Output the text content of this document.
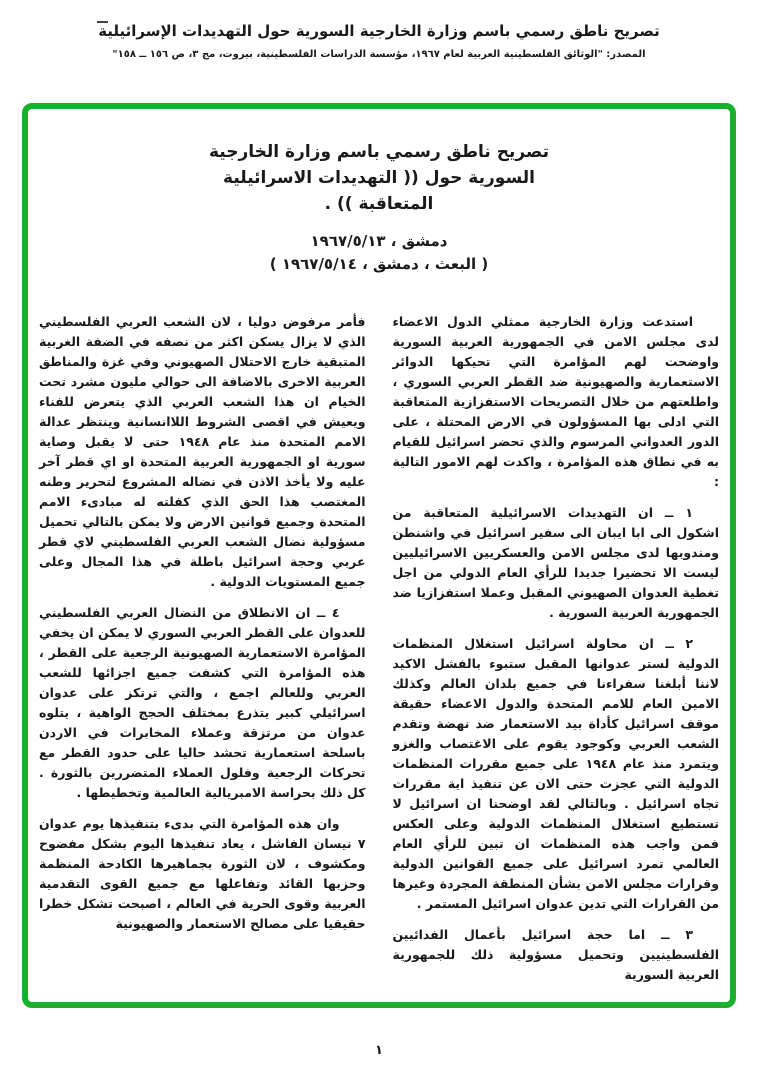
تصريح ناطق رسمي باسم وزارة الخارجية السورية حول التهديدات الإسرائيلية
المصدر: "الوثائق الفلسطينية العربية لعام ١٩٦٧، مؤسسة الدراسات الفلسطينية، بيروت، مج ٣، ص ١٥٦ ــ ١٥٨"
تصريح ناطق رسمي باسم وزارة الخارجية
السورية حول (( التهديدات الاسرائيلية
المتعاقبة )) .
دمشق ، ١٩٦٧/٥/١٣
( البعث ، دمشق ، ١٩٦٧/٥/١٤ )

استدعت وزارة الخارجية ممثلي الدول الاعضاء لدى مجلس الامن في الجمهورية العربية السورية واوضحت لهم المؤامرة التي تحيكها الدوائر الاستعمارية والصهيونية ضد القطر العربي السوري ، واطلعتهم من خلال التصريحات الاستفزازية المتعاقبة التي ادلى بها المسؤولون في الارض المحتلة ، على الدور العدواني المرسوم والذي تحضر اسرائيل للقيام به في نطاق هذه المؤامرة ، واكدت لهم الامور التالية :

١ ــ ان التهديدات الاسرائيلية المتعاقبة من اشكول الى ابا ايبان الى سفير اسرائيل في واشنطن ومندوبها لدى مجلس الامن والعسكريين الاسرائيليين ليست الا تحضيرا جديدا للرأي العام الدولي من اجل تغطية العدوان الصهيوني المقبل وعملا استفزازيا ضد الجمهورية العربية السورية .

٢ ــ ان محاولة اسرائيل استغلال المنظمات الدولية لستر عدوانها المقبل ستبوء بالفشل الاكيد لاننا أبلغنا سفراءنا في جميع بلدان العالم وكذلك الامين العام للامم المتحدة والدول الاعضاء حقيقة موقف اسرائيل كأداة بيد الاستعمار ضد نهضة وتقدم الشعب العربي وكوجود يقوم على الاغتصاب والغزو ويتمرد منذ عام ١٩٤٨ على جميع مقررات المنظمات الدولية التي عجزت حتى الان عن تنفيذ اية مقررات تجاه اسرائيل . وبالتالي لقد اوضحنا ان اسرائيل لا تستطيع استغلال المنظمات الدولية وعلى العكس فمن واجب هذه المنظمات ان تبين للرأي العام العالمي تمرد اسرائيل على جميع القوانين الدولية وقرارات مجلس الامن بشأن المنطقة المجردة وغيرها من القرارات التي تدين عدوان اسرائيل المستمر .

٣ ــ اما حجة اسرائيل بأعمال الفدائيين الفلسطينيين وتحميل مسؤولية ذلك للجمهورية العربية السورية

فأمر مرفوض دوليا ، لان الشعب العربي الفلسطيني الذي لا يزال يسكن اكثر من نصفه في الضفة الغربية المتبقية خارج الاحتلال الصهيوني وفي غزة والمناطق العربية الاخرى بالاضافة الى حوالي مليون مشرد تحت الخيام ان هذا الشعب العربي الذي يتعرض للفناء ويعيش في اقصى الشروط اللاانسانية وينتظر عدالة الامم المتحدة منذ عام ١٩٤٨ حتى لا يقبل وصاية سورية او الجمهورية العربية المتحدة او اي قطر آخر عليه ولا يأخذ الاذن في نضاله المشروع لتحرير وطنه المغتصب هذا الحق الذي كفلته له مبادىء الامم المتحدة وجميع قوانين الارض ولا يمكن بالتالي تحميل مسؤولية نضال الشعب العربي الفلسطيني لاي قطر عربي وحجة اسرائيل باطلة في هذا المجال وعلى جميع المستويات الدولية .

٤ ــ ان الانطلاق من النضال العربي الفلسطيني للعدوان على القطر العربي السوري لا يمكن ان يخفي المؤامرة الاستعمارية الصهيونية الرجعية على القطر ، هذه المؤامرة التي كشفت جميع اجزائها للشعب العربي وللعالم اجمع ، والتي ترتكز على عدوان اسرائيلي كبير يتذرع بمختلف الحجج الواهية ، يتلوه عدوان من مرتزقة وعملاء المخابرات في الاردن باسلحة استعمارية تحشد حاليا على حدود القطر مع تحركات الرجعية وفلول العملاء المتضررين بالثورة . كل ذلك بحراسة الامبريالية العالمية وتخطيطها .

وان هذه المؤامرة التي بدىء بتنفيذها يوم عدوان ٧ نيسان الفاشل ، يعاد تنفيذها اليوم بشكل مفضوح ومكشوف ، لان الثورة بجماهيرها الكادحة المنظمة وحزبها القائد وتفاعلها مع جميع القوى التقدمية العربية وقوى الحرية في العالم ، اصبحت تشكل خطرا حقيقيا على مصالح الاستعمار والصهيونية

١
